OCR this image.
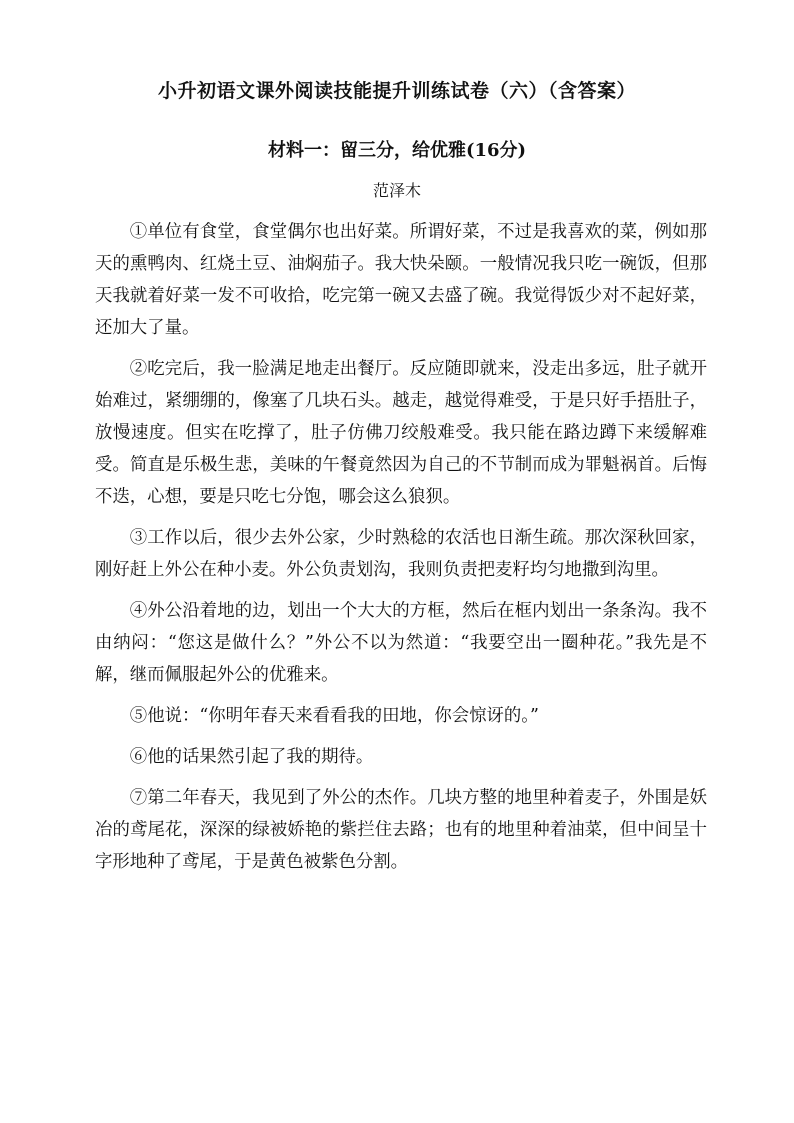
小升初语文课外阅读技能提升训练试卷（六）（含答案）
材料一：留三分，给优雅(16分)
范泽木

①单位有食堂，食堂偶尔也出好菜。所谓好菜，不过是我喜欢的菜，例如那天的熏鸭肉、红烧土豆、油焖茄子。我大快朵颐。一般情况我只吃一碗饭，但那天我就着好菜一发不可收拾，吃完第一碗又去盛了碗。我觉得饭少对不起好菜，还加大了量。

②吃完后，我一脸满足地走出餐厅。反应随即就来，没走出多远，肚子就开始难过，紧绷绷的，像塞了几块石头。越走，越觉得难受，于是只好手捂肚子，放慢速度。但实在吃撑了，肚子仿佛刀绞般难受。我只能在路边蹲下来缓解难受。简直是乐极生悲，美味的午餐竟然因为自己的不节制而成为罪魁祸首。后悔不迭，心想，要是只吃七分饱，哪会这么狼狈。

③工作以后，很少去外公家，少时熟稔的农活也日渐生疏。那次深秋回家，刚好赶上外公在种小麦。外公负责划沟，我则负责把麦籽均匀地撒到沟里。

④外公沿着地的边，划出一个大大的方框，然后在框内划出一条条沟。我不由纳闷：“您这是做什么？”外公不以为然道：“我要空出一圈种花。”我先是不解，继而佩服起外公的优雅来。

⑤他说：“你明年春天来看看我的田地，你会惊讶的。”

⑥他的话果然引起了我的期待。

⑦第二年春天，我见到了外公的杰作。几块方整的地里种着麦子，外围是妖冶的鸢尾花，深深的绿被娇艳的紫拦住去路；也有的地里种着油菜，但中间呈十字形地种了鸢尾，于是黄色被紫色分割。
